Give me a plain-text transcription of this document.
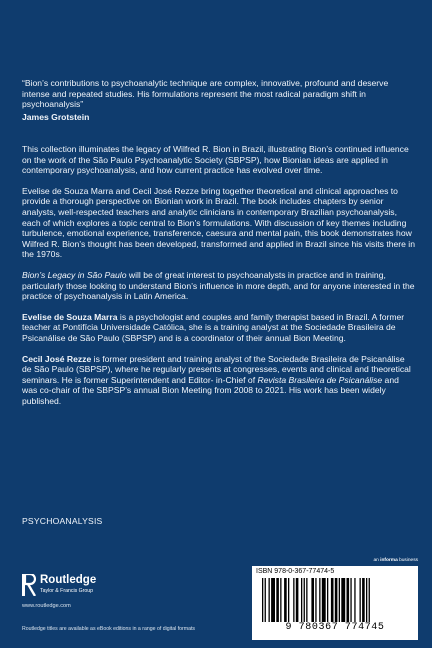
“Bion’s contributions to psychoanalytic technique are complex, innovative, profound and deserve intense and repeated studies. His formulations represent the most radical paradigm shift in psychoanalysis”
James Grotstein

This collection illuminates the legacy of Wilfred R. Bion in Brazil, illustrating Bion’s continued influence on the work of the São Paulo Psychoanalytic Society (SBPSP), how Bionian ideas are applied in contemporary psychoanalysis, and how current practice has evolved over time.

Evelise de Souza Marra and Cecil José Rezze bring together theoretical and clinical approaches to provide a thorough perspective on Bionian work in Brazil. The book includes chapters by senior analysts, well-respected teachers and analytic clinicians in contemporary Brazilian psychoanalysis, each of which explores a topic central to Bion’s formulations. With discussion of key themes including turbulence, emotional experience, transference, caesura and mental pain, this book demonstrates how Wilfred R. Bion’s thought has been developed, transformed and applied in Brazil since his visits there in the 1970s.

Bion’s Legacy in São Paulo will be of great interest to psychoanalysts in practice and in training, particularly those looking to understand Bion’s influence in more depth, and for anyone interested in the practice of psychoanalysis in Latin America.

Evelise de Souza Marra is a psychologist and couples and family therapist based in Brazil. A former teacher at Pontifícia Universidade Católica, she is a training analyst at the Sociedade Brasileira de Psicanálise de São Paulo (SBPSP) and is a coordinator of their annual Bion Meeting.

Cecil José Rezze is former president and training analyst of the Sociedade Brasileira de Psicanálise de São Paulo (SBPSP), where he regularly presents at congresses, events and clinical and theoretical seminars. He is former Superintendent and Editor- in-Chief of Revista Brasileira de Psicanálise and was co-chair of the SBPSP’s annual Bion Meeting from 2008 to 2021. His work has been widely published.

PSYCHOANALYSIS
Routledge
Taylor & Francis Group
www.routledge.com
Routledge titles are available as eBook editions in a range of digital formats
an informa business
ISBN 978-0-367-77474-5
9 780367 774745
